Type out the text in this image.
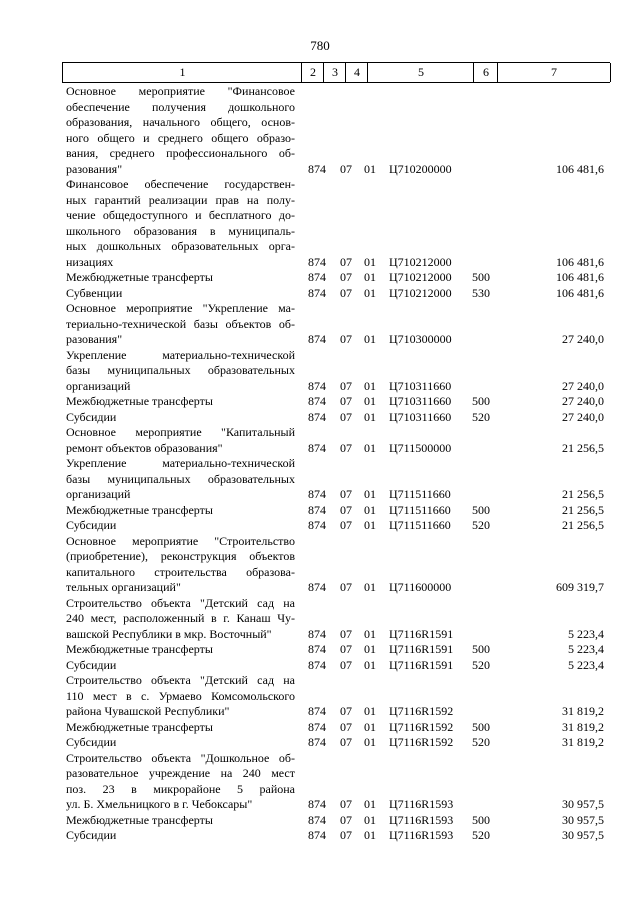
780
1	2	3	4	5	6	7
Основное мероприятие "Финансовое
обеспечение получения дошкольного
образования, начального общего, основ-
ного общего и среднего общего образо-
вания, среднего профессионального об-
разования"	874 07 01 Ц710200000	106 481,6
Финансовое обеспечение государствен-
ных гарантий реализации прав на полу-
чение общедоступного и бесплатного до-
школьного образования в муниципаль-
ных дошкольных образовательных орга-
низациях	874 07 01 Ц710212000	106 481,6
Межбюджетные трансферты	874 07 01 Ц710212000 500	106 481,6
Субвенции	874 07 01 Ц710212000 530	106 481,6
Основное мероприятие "Укрепление ма-
териально-технической базы объектов об-
разования"	874 07 01 Ц710300000	27 240,0
Укрепление материально-технической
базы муниципальных образовательных
организаций	874 07 01 Ц710311660	27 240,0
Межбюджетные трансферты	874 07 01 Ц710311660 500	27 240,0
Субсидии	874 07 01 Ц710311660 520	27 240,0
Основное мероприятие "Капитальный
ремонт объектов образования"	874 07 01 Ц711500000	21 256,5
Укрепление материально-технической
базы муниципальных образовательных
организаций	874 07 01 Ц711511660	21 256,5
Межбюджетные трансферты	874 07 01 Ц711511660 500	21 256,5
Субсидии	874 07 01 Ц711511660 520	21 256,5
Основное мероприятие "Строительство
(приобретение), реконструкция объектов
капитального строительства образова-
тельных организаций"	874 07 01 Ц711600000	609 319,7
Строительство объекта "Детский сад на
240 мест, расположенный в г. Канаш Чу-
вашской Республики в мкр. Восточный"	874 07 01 Ц7116R1591	5 223,4
Межбюджетные трансферты	874 07 01 Ц7116R1591 500	5 223,4
Субсидии	874 07 01 Ц7116R1591 520	5 223,4
Строительство объекта "Детский сад на
110 мест в с. Урмаево Комсомольского
района Чувашской Республики"	874 07 01 Ц7116R1592	31 819,2
Межбюджетные трансферты	874 07 01 Ц7116R1592 500	31 819,2
Субсидии	874 07 01 Ц7116R1592 520	31 819,2
Строительство объекта "Дошкольное об-
разовательное учреждение на 240 мест
поз. 23 в микрорайоне 5 района
ул. Б. Хмельницкого в г. Чебоксары"	874 07 01 Ц7116R1593	30 957,5
Межбюджетные трансферты	874 07 01 Ц7116R1593 500	30 957,5
Субсидии	874 07 01 Ц7116R1593 520	30 957,5
